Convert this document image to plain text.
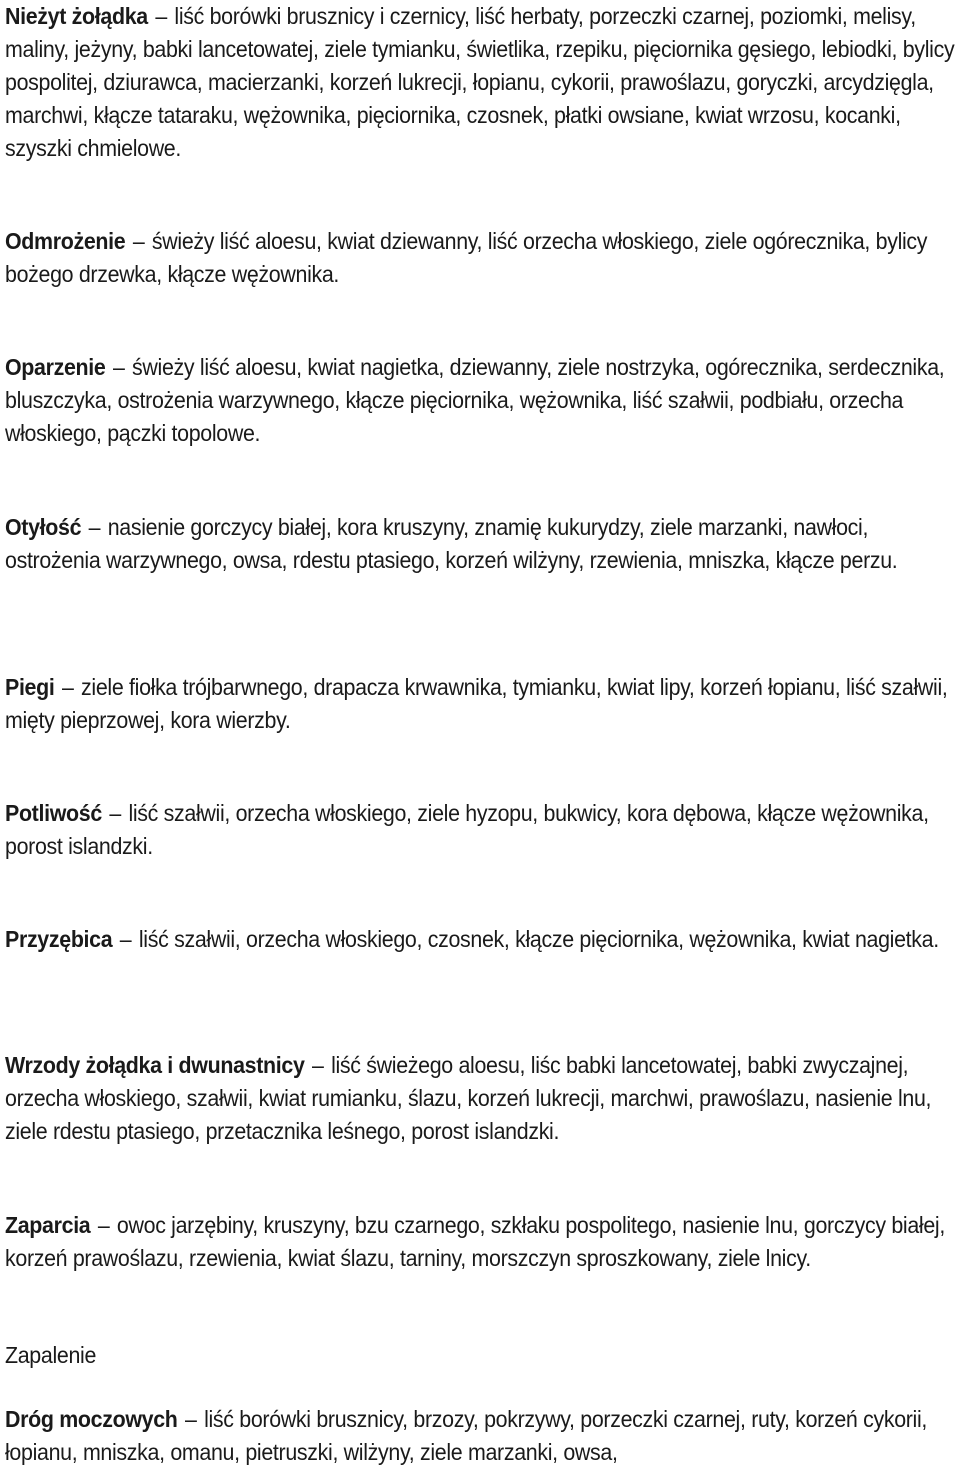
Nieżyt żołądka – liść borówki brusznicy i czernicy, liść herbaty, porzeczki czarnej, poziomki, melisy, maliny, jeżyny, babki lancetowatej, ziele tymianku, świetlika, rzepiku, pięciornika gęsiego, lebiodki, bylicy pospolitej, dziurawca, macierzanki, korzeń lukrecji, łopianu, cykorii, prawoślazu, goryczki, arcydzięgla, marchwi, kłącze tataraku, wężownika, pięciornika, czosnek, płatki owsiane, kwiat wrzosu, kocanki, szyszki chmielowe.

Odmrożenie – świeży liść aloesu, kwiat dziewanny, liść orzecha włoskiego, ziele ogórecznika, bylicy bożego drzewka, kłącze wężownika.

Oparzenie – świeży liść aloesu, kwiat nagietka, dziewanny, ziele nostrzyka, ogórecznika, serdecznika, bluszczyka, ostrożenia warzywnego, kłącze pięciornika, wężownika, liść szałwii, podbiału, orzecha włoskiego, pączki topolowe.

Otyłość – nasienie gorczycy białej, kora kruszyny, znamię kukurydzy, ziele marzanki, nawłoci, ostrożenia warzywnego, owsa, rdestu ptasiego, korzeń wilżyny, rzewienia, mniszka, kłącze perzu.

Piegi – ziele fiołka trójbarwnego, drapacza krwawnika, tymianku, kwiat lipy, korzeń łopianu, liść szałwii, mięty pieprzowej, kora wierzby.

Potliwość – liść szałwii, orzecha włoskiego, ziele hyzopu, bukwicy, kora dębowa, kłącze wężownika, porost islandzki.

Przyzębica – liść szałwii, orzecha włoskiego, czosnek, kłącze pięciornika, wężownika, kwiat nagietka.

Wrzody żołądka i dwunastnicy – liść świeżego aloesu, liśc babki lancetowatej, babki zwyczajnej, orzecha włoskiego, szałwii, kwiat rumianku, ślazu, korzeń lukrecji, marchwi, prawoślazu, nasienie lnu, ziele rdestu ptasiego, przetacznika leśnego, porost islandzki.

Zaparcia – owoc jarzębiny, kruszyny, bzu czarnego, szkłaku pospolitego, nasienie lnu, gorczycy białej, korzeń prawoślazu, rzewienia, kwiat ślazu, tarniny, morszczyn sproszkowany, ziele lnicy.

Zapalenie

Dróg moczowych – liść borówki brusznicy, brzozy, pokrzywy, porzeczki czarnej, ruty, korzeń cykorii, łopianu, mniszka, omanu, pietruszki, wilżyny, ziele marzanki, owsa,
